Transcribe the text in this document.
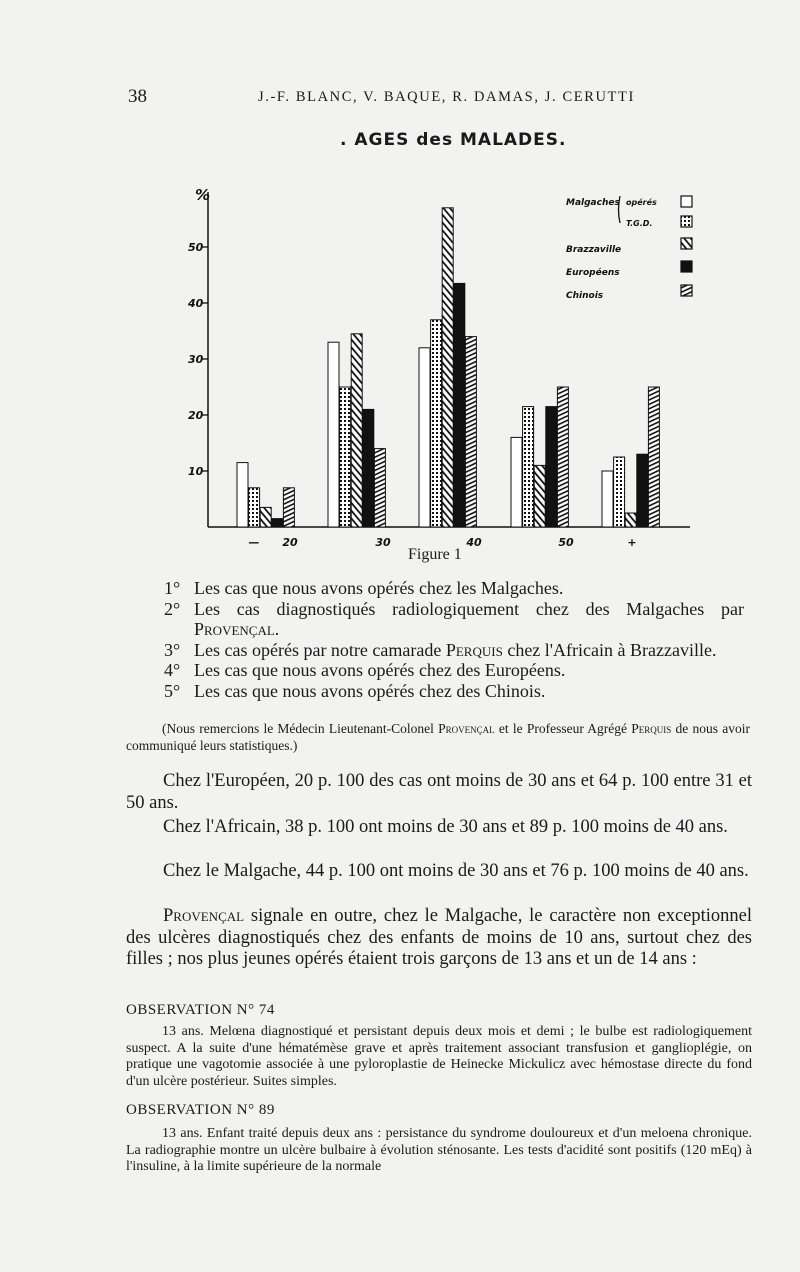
38	J.-F. BLANC, V. BAQUE, R. DAMAS, J. CERUTTI
. AGES des MALADES.
%
10
20
30
40
50
— 20	30	40	50	+
Malgaches opérés
T.G.D.
Brazzaville
Européens
Chinois
Figure 1
1° Les cas que nous avons opérés chez les Malgaches.
2° Les cas diagnostiqués radiologiquement chez des Malgaches par Provençal.
3° Les cas opérés par notre camarade Perquis chez l'Africain à Brazzaville.
4° Les cas que nous avons opérés chez des Européens.
5° Les cas que nous avons opérés chez des Chinois.
(Nous remercions le Médecin Lieutenant-Colonel Provençal et le Professeur Agrégé Perquis de nous avoir communiqué leurs statistiques.)
Chez l'Européen, 20 p. 100 des cas ont moins de 30 ans et 64 p. 100 entre 31 et 50 ans.
Chez l'Africain, 38 p. 100 ont moins de 30 ans et 89 p. 100 moins de 40 ans.
Chez le Malgache, 44 p. 100 ont moins de 30 ans et 76 p. 100 moins de 40 ans.
Provençal signale en outre, chez le Malgache, le caractère non exceptionnel des ulcères diagnostiqués chez des enfants de moins de 10 ans, surtout chez des filles ; nos plus jeunes opérés étaient trois garçons de 13 ans et un de 14 ans :
OBSERVATION N° 74
13 ans. Melœna diagnostiqué et persistant depuis deux mois et demi ; le bulbe est radiologiquement suspect. A la suite d'une hématémèse grave et après traitement associant transfusion et ganglioplégie, on pratique une vagotomie associée à une pyloroplastie de Heinecke Mickulicz avec hémostase directe du fond d'un ulcère postérieur. Suites simples.
OBSERVATION N° 89
13 ans. Enfant traité depuis deux ans : persistance du syndrome douloureux et d'un meloena chronique. La radiographie montre un ulcère bulbaire à évolution sténosante. Les tests d'acidité sont positifs (120 mEq) à l'insuline, à la limite supérieure de la normale
